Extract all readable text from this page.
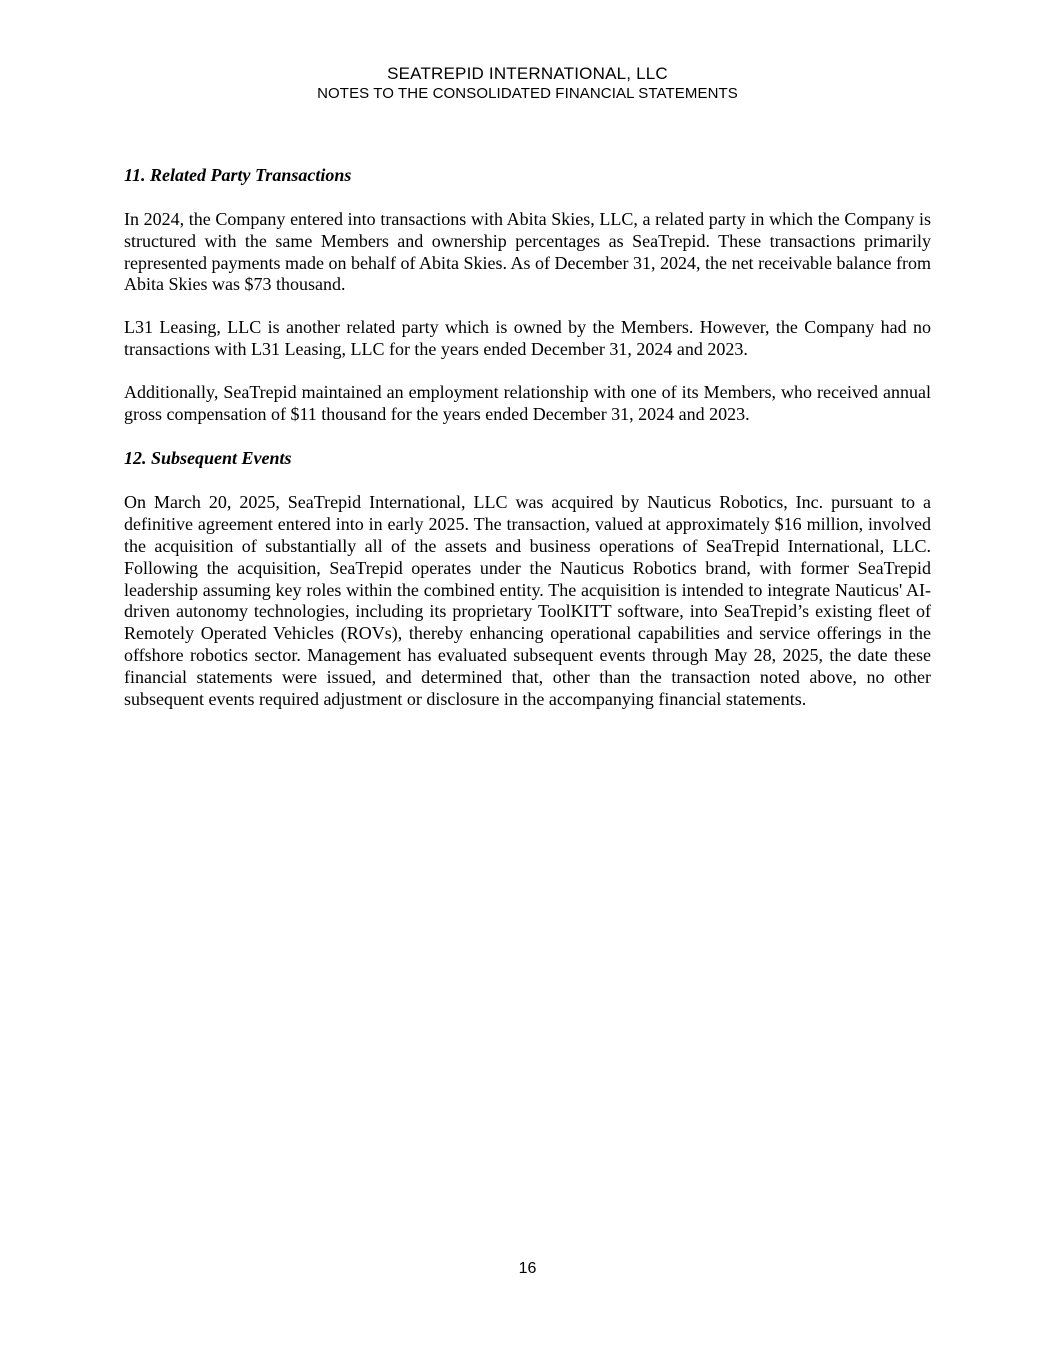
SEATREPID INTERNATIONAL, LLC
NOTES TO THE CONSOLIDATED FINANCIAL STATEMENTS
11. Related Party Transactions

In 2024, the Company entered into transactions with Abita Skies, LLC, a related party in which the Company is structured with the same Members and ownership percentages as SeaTrepid. These transactions primarily represented payments made on behalf of Abita Skies. As of December 31, 2024, the net receivable balance from Abita Skies was $73 thousand.

L31 Leasing, LLC is another related party which is owned by the Members. However, the Company had no transactions with L31 Leasing, LLC for the years ended December 31, 2024 and 2023.

Additionally, SeaTrepid maintained an employment relationship with one of its Members, who received annual gross compensation of $11 thousand for the years ended December 31, 2024 and 2023.

12. Subsequent Events

On March 20, 2025, SeaTrepid International, LLC was acquired by Nauticus Robotics, Inc. pursuant to a definitive agreement entered into in early 2025. The transaction, valued at approximately $16 million, involved the acquisition of substantially all of the assets and business operations of SeaTrepid International, LLC. Following the acquisition, SeaTrepid operates under the Nauticus Robotics brand, with former SeaTrepid leadership assuming key roles within the combined entity. The acquisition is intended to integrate Nauticus' AI-driven autonomy technologies, including its proprietary ToolKITT software, into SeaTrepid’s existing fleet of Remotely Operated Vehicles (ROVs), thereby enhancing operational capabilities and service offerings in the offshore robotics sector. Management has evaluated subsequent events through May 28, 2025, the date these financial statements were issued, and determined that, other than the transaction noted above, no other subsequent events required adjustment or disclosure in the accompanying financial statements.

16
